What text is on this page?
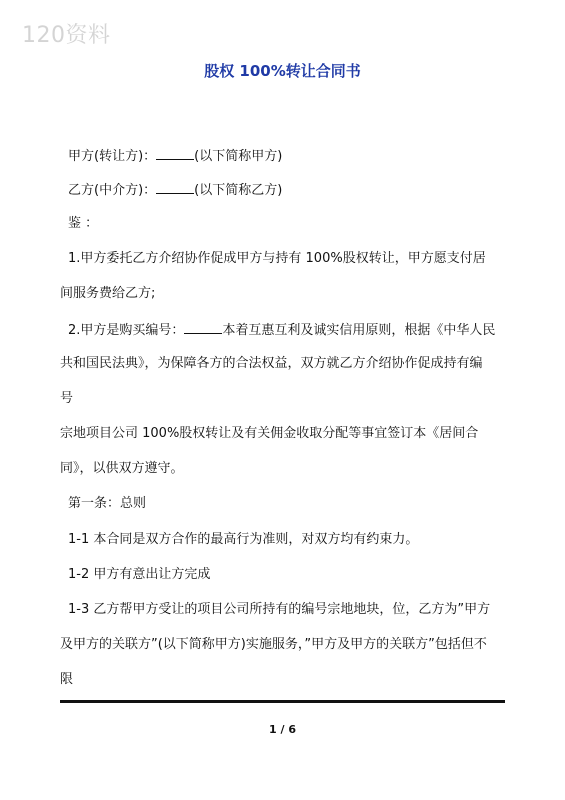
120资料
股权 100%转让合同书
甲方(转让方)：	(以下简称甲方)
乙方(中介方)：	(以下简称乙方)
鉴 ：
1.甲方委托乙方介绍协作促成甲方与持有 100%股权转让，甲方愿支付居
间服务费给乙方;
2.甲方是购买编号：	本着互惠互利及诚实信用原则，根据《中华人民
共和国民法典》，为保障各方的合法权益，双方就乙方介绍协作促成持有编
号
宗地项目公司 100%股权转让及有关佣金收取分配等事宜签订本《居间合
同》，以供双方遵守。
第一条：总则
1-1 本合同是双方合作的最高行为准则，对双方均有约束力。
1-2 甲方有意出让方完成
1-3 乙方帮甲方受让的项目公司所持有的编号宗地地块，位，乙方为”甲方
及甲方的关联方”(以下简称甲方)实施服务，”甲方及甲方的关联方”包括但不
限
1 / 6
